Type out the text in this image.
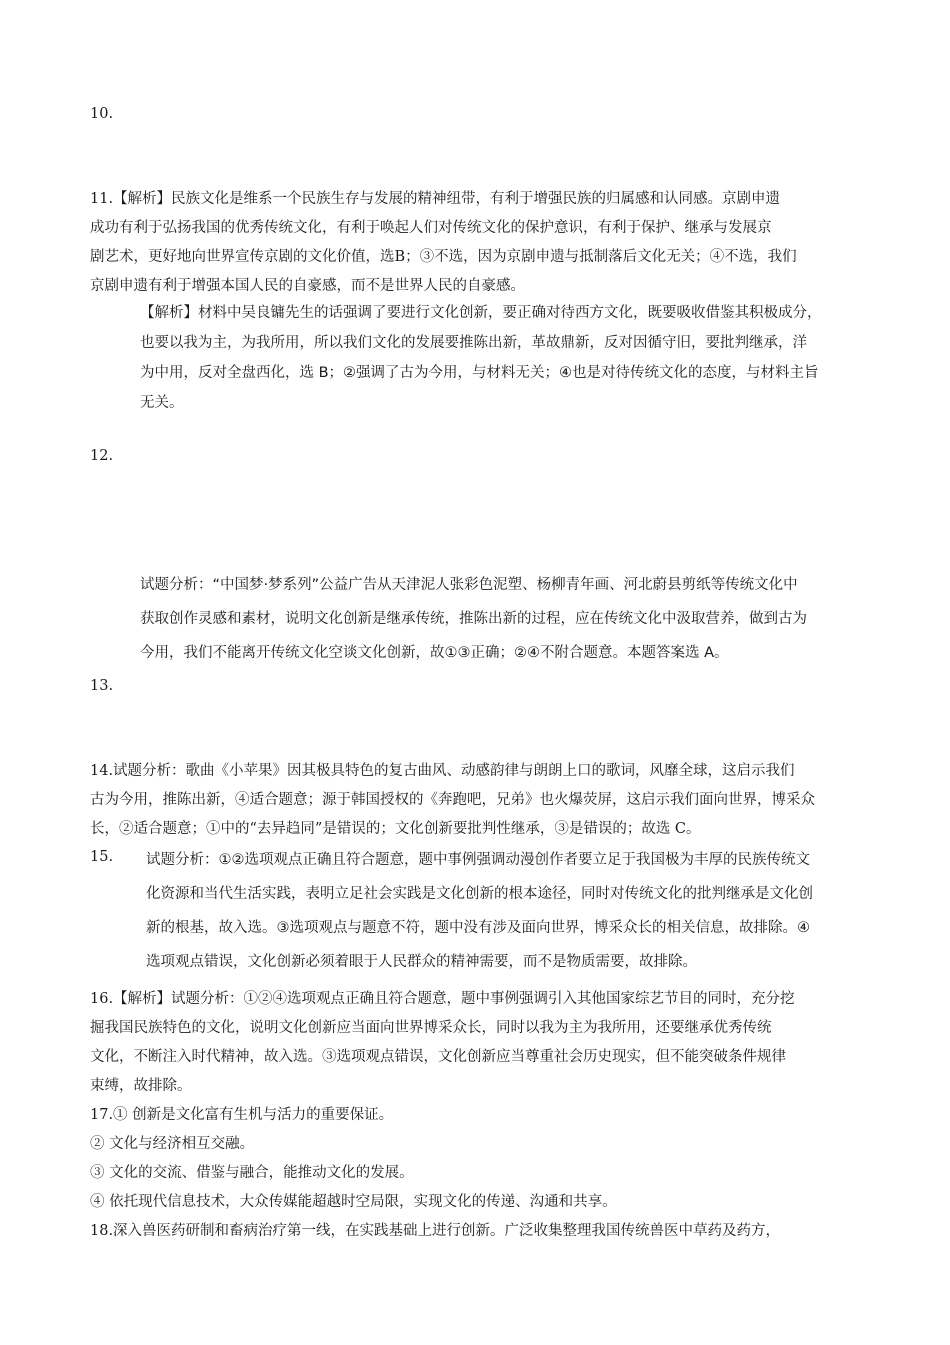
10.
11.【解析】民族文化是维系一个民族生存与发展的精神纽带，有利于增强民族的归属感和认同感。京剧申遗
成功有利于弘扬我国的优秀传统文化，有利于唤起人们对传统文化的保护意识，有利于保护、继承与发展京
剧艺术，更好地向世界宣传京剧的文化价值，选B；③不选，因为京剧申遗与抵制落后文化无关；④不选，我们
京剧申遗有利于增强本国人民的自豪感，而不是世界人民的自豪感。
【解析】材料中吴良镛先生的话强调了要进行文化创新，要正确对待西方文化，既要吸收借鉴其积极成分，
也要以我为主，为我所用，所以我们文化的发展要推陈出新，革故鼎新，反对因循守旧，要批判继承，洋
为中用，反对全盘西化，选 B；②强调了古为今用，与材料无关；④也是对待传统文化的态度，与材料主旨
无关。
12.
试题分析：“中国梦·梦系列”公益广告从天津泥人张彩色泥塑、杨柳青年画、河北蔚县剪纸等传统文化中
获取创作灵感和素材，说明文化创新是继承传统，推陈出新的过程，应在传统文化中汲取营养，做到古为
今用，我们不能离开传统文化空谈文化创新，故①③正确；②④不附合题意。本题答案选 A。
13.
14.试题分析：歌曲《小苹果》因其极具特色的复古曲风、动感韵律与朗朗上口的歌词，风靡全球，这启示我们
古为今用，推陈出新，④适合题意；源于韩国授权的《奔跑吧，兄弟》也火爆荧屏，这启示我们面向世界，博采众
长，②适合题意；①中的“去异趋同”是错误的；文化创新要批判性继承，③是错误的；故选 C。
15. 试题分析：①②选项观点正确且符合题意，题中事例强调动漫创作者要立足于我国极为丰厚的民族传统文
化资源和当代生活实践，表明立足社会实践是文化创新的根本途径，同时对传统文化的批判继承是文化创
新的根基，故入选。③选项观点与题意不符，题中没有涉及面向世界，博采众长的相关信息，故排除。④
选项观点错误，文化创新必须着眼于人民群众的精神需要，而不是物质需要，故排除。
16.【解析】试题分析：①②④选项观点正确且符合题意，题中事例强调引入其他国家综艺节目的同时，充分挖
掘我国民族特色的文化，说明文化创新应当面向世界博采众长，同时以我为主为我所用，还要继承优秀传统
文化，不断注入时代精神，故入选。③选项观点错误，文化创新应当尊重社会历史现实，但不能突破条件规律
束缚，故排除。
17.① 创新是文化富有生机与活力的重要保证。
② 文化与经济相互交融。
③ 文化的交流、借鉴与融合，能推动文化的发展。
④ 依托现代信息技术，大众传媒能超越时空局限，实现文化的传递、沟通和共享。
18.深入兽医药研制和畜病治疗第一线，在实践基础上进行创新。广泛收集整理我国传统兽医中草药及药方，
